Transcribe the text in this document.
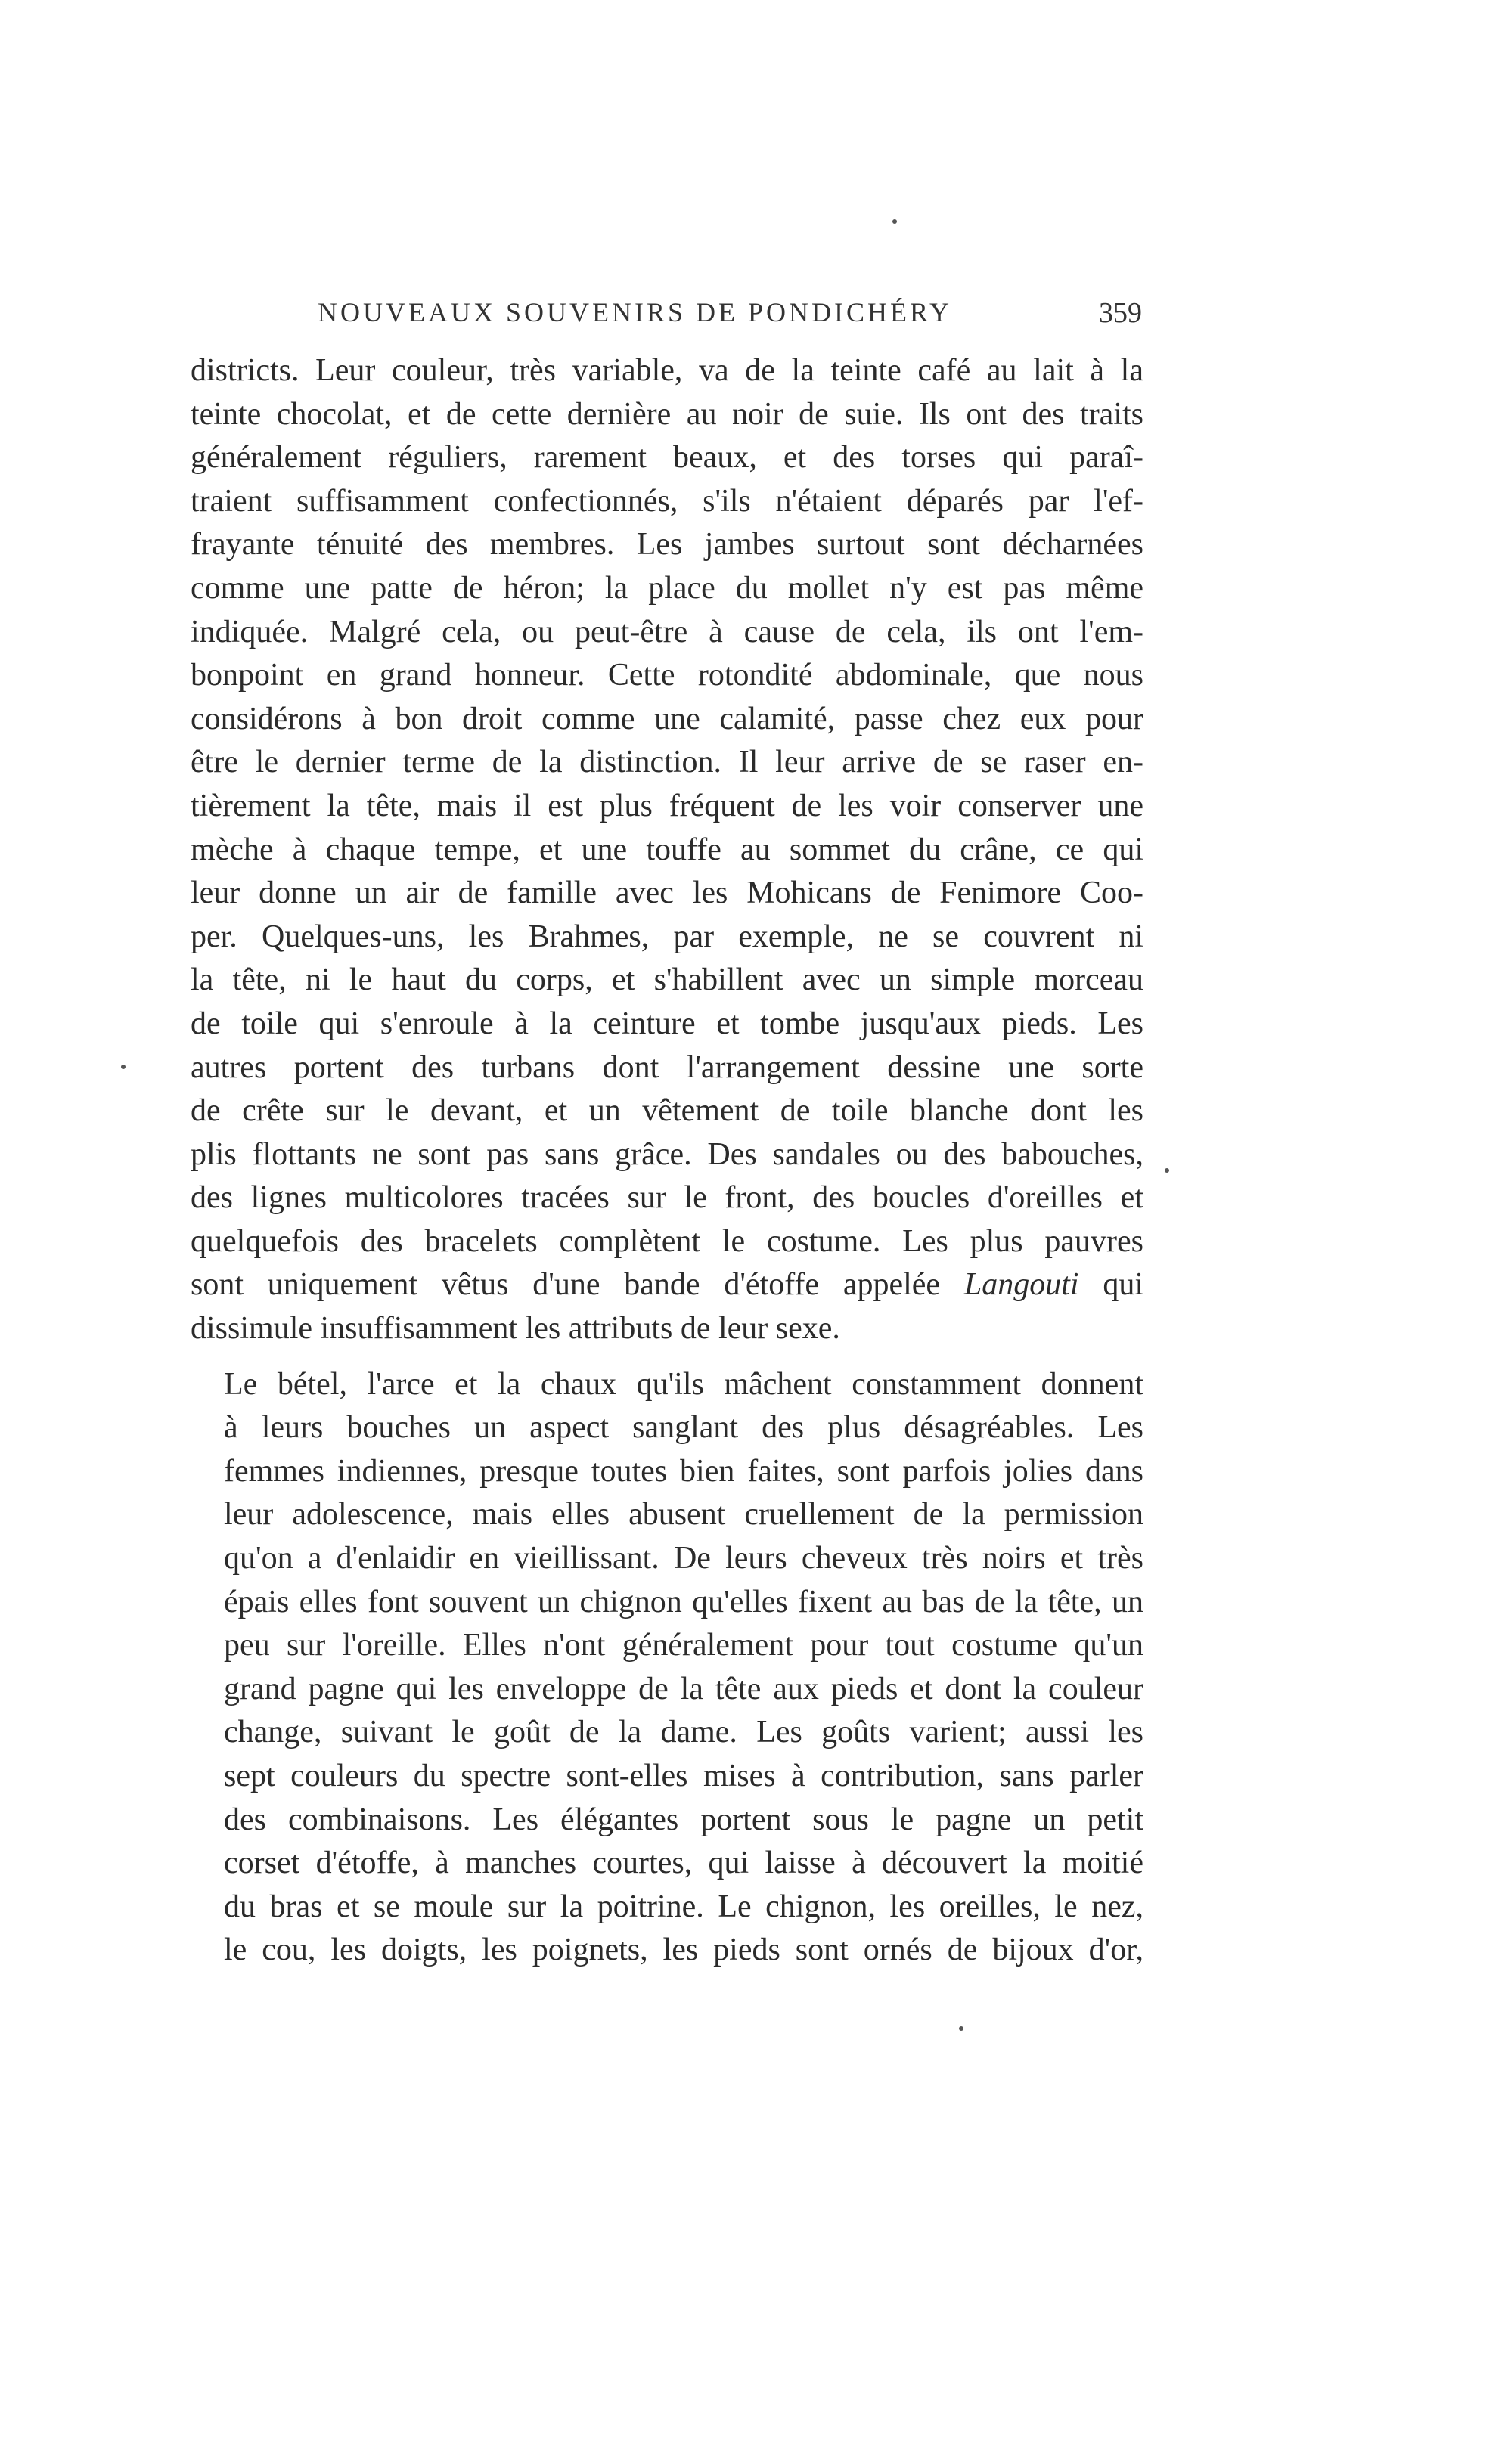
NOUVEAUX SOUVENIRS DE PONDICHÉRY	359

districts. Leur couleur, très variable, va de la teinte café au lait à la
teinte chocolat, et de cette dernière au noir de suie. Ils ont des traits
généralement réguliers, rarement beaux, et des torses qui paraî-
traient suffisamment confectionnés, s'ils n'étaient déparés par l'ef-
frayante ténuité des membres. Les jambes surtout sont décharnées
comme une patte de héron; la place du mollet n'y est pas même
indiquée. Malgré cela, ou peut-être à cause de cela, ils ont l'em-
bonpoint en grand honneur. Cette rotondité abdominale, que nous
considérons à bon droit comme une calamité, passe chez eux pour
être le dernier terme de la distinction. Il leur arrive de se raser en-
tièrement la tête, mais il est plus fréquent de les voir conserver une
mèche à chaque tempe, et une touffe au sommet du crâne, ce qui
leur donne un air de famille avec les Mohicans de Fenimore Coo-
per. Quelques-uns, les Brahmes, par exemple, ne se couvrent ni
la tête, ni le haut du corps, et s'habillent avec un simple morceau
de toile qui s'enroule à la ceinture et tombe jusqu'aux pieds. Les
autres portent des turbans dont l'arrangement dessine une sorte
de crête sur le devant, et un vêtement de toile blanche dont les
plis flottants ne sont pas sans grâce. Des sandales ou des babouches,
des lignes multicolores tracées sur le front, des boucles d'oreilles et
quelquefois des bracelets complètent le costume. Les plus pauvres
sont uniquement vêtus d'une bande d'étoffe appelée Langouti qui
dissimule insuffisamment les attributs de leur sexe.

Le bétel, l'arce et la chaux qu'ils mâchent constamment donnent
à leurs bouches un aspect sanglant des plus désagréables. Les
femmes indiennes, presque toutes bien faites, sont parfois jolies dans
leur adolescence, mais elles abusent cruellement de la permission
qu'on a d'enlaidir en vieillissant. De leurs cheveux très noirs et très
épais elles font souvent un chignon qu'elles fixent au bas de la tête, un
peu sur l'oreille. Elles n'ont généralement pour tout costume qu'un
grand pagne qui les enveloppe de la tête aux pieds et dont la couleur
change, suivant le goût de la dame. Les goûts varient; aussi les
sept couleurs du spectre sont-elles mises à contribution, sans parler
des combinaisons. Les élégantes portent sous le pagne un petit
corset d'étoffe, à manches courtes, qui laisse à découvert la moitié
du bras et se moule sur la poitrine. Le chignon, les oreilles, le nez,
le cou, les doigts, les poignets, les pieds sont ornés de bijoux d'or,
